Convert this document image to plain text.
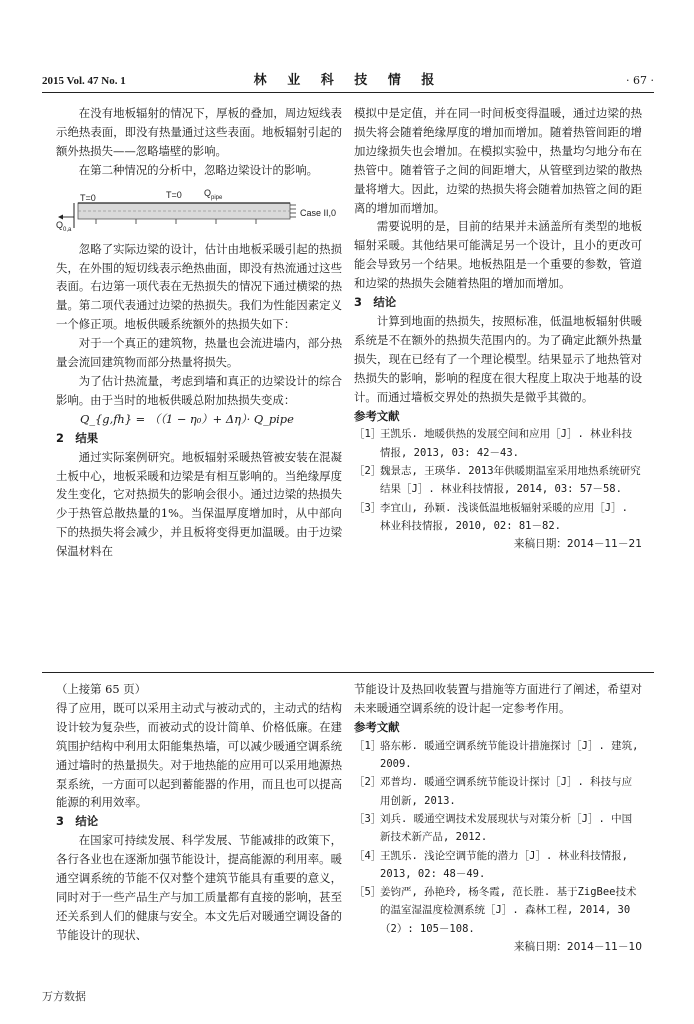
2015 Vol. 47 No. 1	林 业 科 技 情 报	· 67 ·

在没有地板辐射的情况下，厚板的叠加，周边短线表示绝热表面，即没有热量通过这些表面。地板辐射引起的额外热损失——忽略墙壁的影响。

在第二种情况的分析中，忽略边梁设计的影响。

T=0	T=0 $Q_{pipe}$
$Q_{0,a}$
Case II,0

忽略了实际边梁的设计，估计由地板采暖引起的热损失，在外围的短切线表示绝热曲面，即没有热流通过这些表面。右边第一项代表在无热损失的情况下通过横梁的热量。第二项代表通过边梁的热损失。我们为性能因素定义一个修正项。地板供暖系统额外的热损失如下：

对于一个真正的建筑物，热量也会流进墙内，部分热量会流回建筑物而部分热量将损失。

为了估计热流量，考虑到墙和真正的边梁设计的综合影响。由于当时的地板供暖总附加热损失变成：

Q_{g,fh} = （（1 − η₀）+ Δη）· Q_pipe

2　结果

通过实际案例研究。地板辐射采暖热管被安装在混凝土板中心，地板采暖和边梁是有相互影响的。当绝缘厚度发生变化，它对热损失的影响会很小。通过边梁的热损失少于热管总散热量的1%。当保温厚度增加时，从中部向下的热损失将会减少，并且板将变得更加温暖。由于边梁保温材料在

模拟中是定值，并在同一时间板变得温暖，通过边梁的热损失将会随着绝缘厚度的增加而增加。随着热管间距的增加边缘损失也会增加。在模拟实验中，热量均匀地分布在热管中。随着管子之间的间距增大，从管壁到边梁的散热量将增大。因此，边梁的热损失将会随着加热管之间的距离的增加而增加。

需要说明的是，目前的结果并未涵盖所有类型的地板辐射采暖。其他结果可能满足另一个设计，且小的更改可能会导致另一个结果。地板热阻是一个重要的参数，管道和边梁的热损失会随着热阻的增加而增加。

3　结论

计算到地面的热损失，按照标准，低温地板辐射供暖系统是不在额外的热损失范围内的。为了确定此额外热量损失，现在已经有了一个理论模型。结果显示了地热管对热损失的影响，影响的程度在很大程度上取决于地基的设计。而通过墙板交界处的热损失是微乎其微的。

参考文献

［1］
王凯乐. 地暖供热的发展空间和应用［J］. 林业科技情报, 2013, 03: 42－43.
［2］
魏景志, 王瑛华. 2013年供暖期温室采用地热系统研究结果［J］. 林业科技情报, 2014, 03: 57－58.
［3］
李宜山, 孙颖. 浅谈低温地板辐射采暖的应用［J］. 林业科技情报, 2010, 02: 81－82.

来稿日期：2014－11－21

（上接第 65 页）

得了应用，既可以采用主动式与被动式的，主动式的结构设计较为复杂些，而被动式的设计简单、价格低廉。在建筑围护结构中利用太阳能集热墙，可以减少暖通空调系统通过墙时的热量损失。对于地热能的应用可以采用地源热泵系统，一方面可以起到蓄能器的作用，而且也可以提高能源的利用效率。

3　结论

在国家可持续发展、科学发展、节能减排的政策下，各行各业也在逐渐加强节能设计，提高能源的利用率。暖通空调系统的节能不仅对整个建筑节能具有重要的意义，同时对于一些产品生产与加工质量都有直接的影响，甚至还关系到人们的健康与安全。本文先后对暖通空调设备的节能设计的现状、

节能设计及热回收装置与措施等方面进行了阐述，希望对未来暖通空调系统的设计起一定参考作用。

参考文献

［1］
骆东彬. 暖通空调系统节能设计措施探讨［J］. 建筑, 2009.
［2］
邓普均. 暖通空调系统节能设计探讨［J］. 科技与应用创新, 2013.
［3］
刘兵. 暖通空调技术发展现状与对策分析［J］. 中国新技术新产品, 2012.
［4］
王凯乐. 浅论空调节能的潜力［J］. 林业科技情报, 2013, 02: 48－49.
［5］
姜钧严, 孙艳玲, 杨冬霞, 范长胜. 基于ZigBee技术的温室湿温度检测系统［J］. 森林工程, 2014, 30（2）: 105－108.

来稿日期：2014－11－10

万方数据
